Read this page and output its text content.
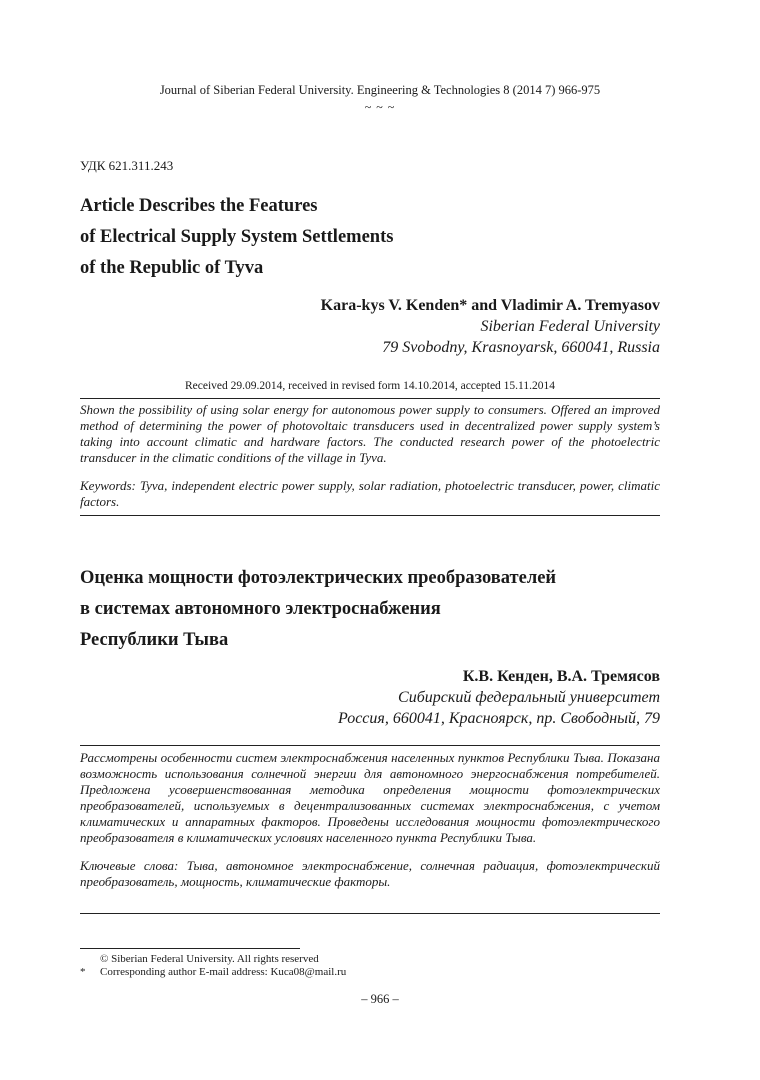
Journal of Siberian Federal University. Engineering & Technologies 8 (2014 7) 966-975
~ ~ ~
УДК 621.311.243
Article Describes the Features
of Electrical Supply System Settlements
of the Republic of Tyva
Kara-kys V. Kenden* and Vladimir A. Tremyasov
Siberian Federal University
79 Svobodny, Krasnoyarsk, 660041, Russia
Received 29.09.2014, received in revised form 14.10.2014, accepted 15.11.2014

Shown the possibility of using solar energy for autonomous power supply to consumers. Offered an improved method of determining the power of photovoltaic transducers used in decentralized power supply system’s taking into account climatic and hardware factors. The conducted research power of the photoelectric transducer in the climatic conditions of the village in Tyva.

Keywords: Tyva, independent electric power supply, solar radiation, photoelectric transducer, power, climatic factors.

Оценка мощности фотоэлектрических преобразователей
в системах автономного электроснабжения
Республики Тыва
К.В. Кенден, В.А. Тремясов
Сибирский федеральный университет
Россия, 660041, Красноярск, пр. Свободный, 79

Рассмотрены особенности систем электроснабжения населенных пунктов Республики Тыва. Показана возможность использования солнечной энергии для автономного энергоснабжения потребителей. Предложена усовершенствованная методика определения мощности фотоэлектрических преобразователей, используемых в децентрализованных системах электроснабжения, с учетом климатических и аппаратных факторов. Проведены исследования мощности фотоэлектрического преобразователя в климатических условиях населенного пункта Республики Тыва.

Ключевые слова: Тыва, автономное электроснабжение, солнечная радиация, фотоэлектрический преобразователь, мощность, климатические факторы.

© Siberian Federal University. All rights reserved
* Corresponding author E-mail address: Kuca08@mail.ru
– 966 –
